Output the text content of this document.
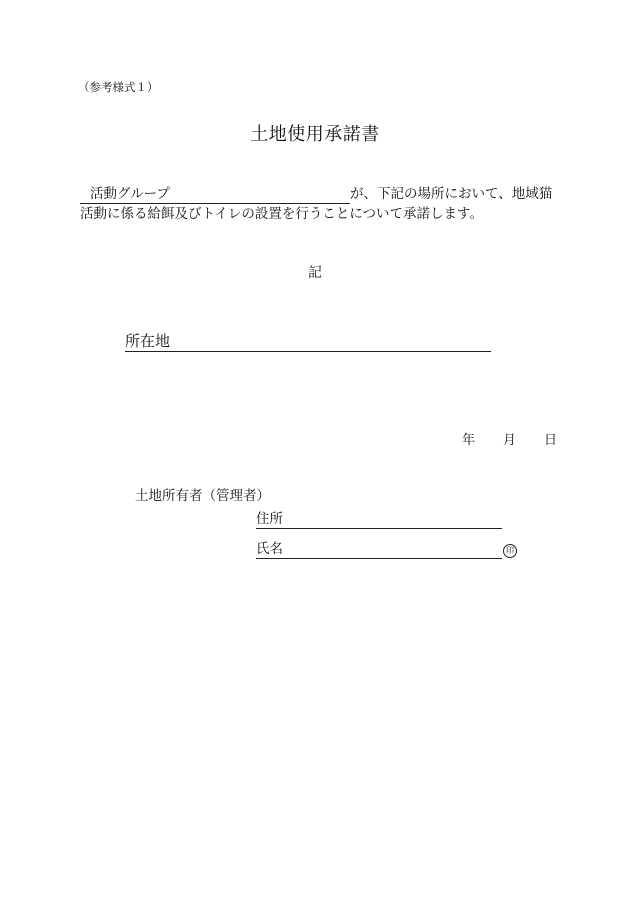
（参考様式１）
土地使用承諾書
活動グループ	が、下記の場所において、地域猫
活動に係る給餌及びトイレの設置を行うことについて承諾します。
記
所在地
年 月 日
土地所有者（管理者）
住所
氏名	印
